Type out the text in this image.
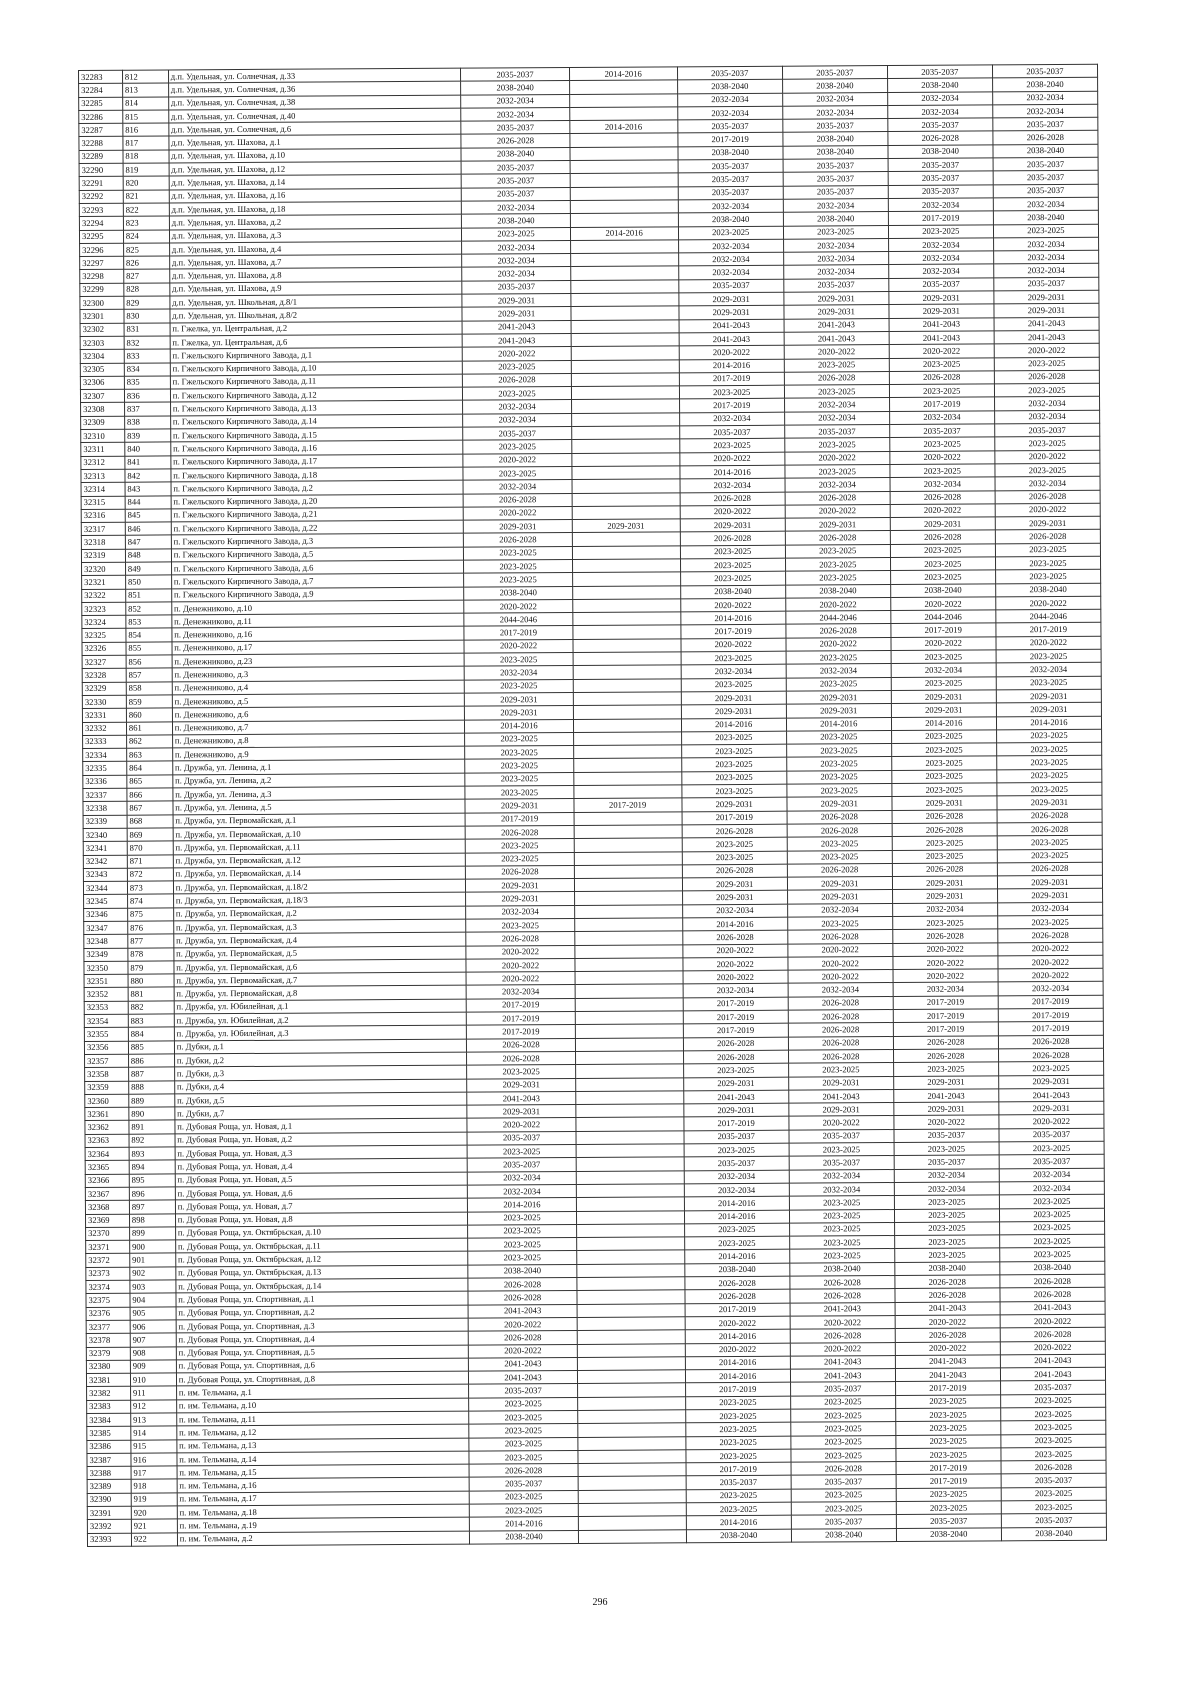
32283	812	д.п. Удельная, ул. Солнечная, д.33	2035-2037	2014-2016	2035-2037	2035-2037	2035-2037	2035-2037
32284	813	д.п. Удельная, ул. Солнечная, д.36	2038-2040		2038-2040	2038-2040	2038-2040	2038-2040
32285	814	д.п. Удельная, ул. Солнечная, д.38	2032-2034		2032-2034	2032-2034	2032-2034	2032-2034
32286	815	д.п. Удельная, ул. Солнечная, д.40	2032-2034		2032-2034	2032-2034	2032-2034	2032-2034
32287	816	д.п. Удельная, ул. Солнечная, д.6	2035-2037	2014-2016	2035-2037	2035-2037	2035-2037	2035-2037
32288	817	д.п. Удельная, ул. Шахова, д.1	2026-2028		2017-2019	2038-2040	2026-2028	2026-2028
32289	818	д.п. Удельная, ул. Шахова, д.10	2038-2040		2038-2040	2038-2040	2038-2040	2038-2040
32290	819	д.п. Удельная, ул. Шахова, д.12	2035-2037		2035-2037	2035-2037	2035-2037	2035-2037
32291	820	д.п. Удельная, ул. Шахова, д.14	2035-2037		2035-2037	2035-2037	2035-2037	2035-2037
32292	821	д.п. Удельная, ул. Шахова, д.16	2035-2037		2035-2037	2035-2037	2035-2037	2035-2037
32293	822	д.п. Удельная, ул. Шахова, д.18	2032-2034		2032-2034	2032-2034	2032-2034	2032-2034
32294	823	д.п. Удельная, ул. Шахова, д.2	2038-2040		2038-2040	2038-2040	2017-2019	2038-2040
32295	824	д.п. Удельная, ул. Шахова, д.3	2023-2025	2014-2016	2023-2025	2023-2025	2023-2025	2023-2025
32296	825	д.п. Удельная, ул. Шахова, д.4	2032-2034		2032-2034	2032-2034	2032-2034	2032-2034
32297	826	д.п. Удельная, ул. Шахова, д.7	2032-2034		2032-2034	2032-2034	2032-2034	2032-2034
32298	827	д.п. Удельная, ул. Шахова, д.8	2032-2034		2032-2034	2032-2034	2032-2034	2032-2034
32299	828	д.п. Удельная, ул. Шахова, д.9	2035-2037		2035-2037	2035-2037	2035-2037	2035-2037
32300	829	д.п. Удельная, ул. Школьная, д.8/1	2029-2031		2029-2031	2029-2031	2029-2031	2029-2031
32301	830	д.п. Удельная, ул. Школьная, д.8/2	2029-2031		2029-2031	2029-2031	2029-2031	2029-2031
32302	831	п. Гжелка, ул. Центральная, д.2	2041-2043		2041-2043	2041-2043	2041-2043	2041-2043
32303	832	п. Гжелка, ул. Центральная, д.6	2041-2043		2041-2043	2041-2043	2041-2043	2041-2043
32304	833	п. Гжельского Кирпичного Завода, д.1	2020-2022		2020-2022	2020-2022	2020-2022	2020-2022
32305	834	п. Гжельского Кирпичного Завода, д.10	2023-2025		2014-2016	2023-2025	2023-2025	2023-2025
32306	835	п. Гжельского Кирпичного Завода, д.11	2026-2028		2017-2019	2026-2028	2026-2028	2026-2028
32307	836	п. Гжельского Кирпичного Завода, д.12	2023-2025		2023-2025	2023-2025	2023-2025	2023-2025
32308	837	п. Гжельского Кирпичного Завода, д.13	2032-2034		2017-2019	2032-2034	2017-2019	2032-2034
32309	838	п. Гжельского Кирпичного Завода, д.14	2032-2034		2032-2034	2032-2034	2032-2034	2032-2034
32310	839	п. Гжельского Кирпичного Завода, д.15	2035-2037		2035-2037	2035-2037	2035-2037	2035-2037
32311	840	п. Гжельского Кирпичного Завода, д.16	2023-2025		2023-2025	2023-2025	2023-2025	2023-2025
32312	841	п. Гжельского Кирпичного Завода, д.17	2020-2022		2020-2022	2020-2022	2020-2022	2020-2022
32313	842	п. Гжельского Кирпичного Завода, д.18	2023-2025		2014-2016	2023-2025	2023-2025	2023-2025
32314	843	п. Гжельского Кирпичного Завода, д.2	2032-2034		2032-2034	2032-2034	2032-2034	2032-2034
32315	844	п. Гжельского Кирпичного Завода, д.20	2026-2028		2026-2028	2026-2028	2026-2028	2026-2028
32316	845	п. Гжельского Кирпичного Завода, д.21	2020-2022		2020-2022	2020-2022	2020-2022	2020-2022
32317	846	п. Гжельского Кирпичного Завода, д.22	2029-2031	2029-2031	2029-2031	2029-2031	2029-2031	2029-2031
32318	847	п. Гжельского Кирпичного Завода, д.3	2026-2028		2026-2028	2026-2028	2026-2028	2026-2028
32319	848	п. Гжельского Кирпичного Завода, д.5	2023-2025		2023-2025	2023-2025	2023-2025	2023-2025
32320	849	п. Гжельского Кирпичного Завода, д.6	2023-2025		2023-2025	2023-2025	2023-2025	2023-2025
32321	850	п. Гжельского Кирпичного Завода, д.7	2023-2025		2023-2025	2023-2025	2023-2025	2023-2025
32322	851	п. Гжельского Кирпичного Завода, д.9	2038-2040		2038-2040	2038-2040	2038-2040	2038-2040
32323	852	п. Денежниково, д.10	2020-2022		2020-2022	2020-2022	2020-2022	2020-2022
32324	853	п. Денежниково, д.11	2044-2046		2014-2016	2044-2046	2044-2046	2044-2046
32325	854	п. Денежниково, д.16	2017-2019		2017-2019	2026-2028	2017-2019	2017-2019
32326	855	п. Денежниково, д.17	2020-2022		2020-2022	2020-2022	2020-2022	2020-2022
32327	856	п. Денежниково, д.23	2023-2025		2023-2025	2023-2025	2023-2025	2023-2025
32328	857	п. Денежниково, д.3	2032-2034		2032-2034	2032-2034	2032-2034	2032-2034
32329	858	п. Денежниково, д.4	2023-2025		2023-2025	2023-2025	2023-2025	2023-2025
32330	859	п. Денежниково, д.5	2029-2031		2029-2031	2029-2031	2029-2031	2029-2031
32331	860	п. Денежниково, д.6	2029-2031		2029-2031	2029-2031	2029-2031	2029-2031
32332	861	п. Денежниково, д.7	2014-2016		2014-2016	2014-2016	2014-2016	2014-2016
32333	862	п. Денежниково, д.8	2023-2025		2023-2025	2023-2025	2023-2025	2023-2025
32334	863	п. Денежниково, д.9	2023-2025		2023-2025	2023-2025	2023-2025	2023-2025
32335	864	п. Дружба, ул. Ленина, д.1	2023-2025		2023-2025	2023-2025	2023-2025	2023-2025
32336	865	п. Дружба, ул. Ленина, д.2	2023-2025		2023-2025	2023-2025	2023-2025	2023-2025
32337	866	п. Дружба, ул. Ленина, д.3	2023-2025		2023-2025	2023-2025	2023-2025	2023-2025
32338	867	п. Дружба, ул. Ленина, д.5	2029-2031	2017-2019	2029-2031	2029-2031	2029-2031	2029-2031
32339	868	п. Дружба, ул. Первомайская, д.1	2017-2019		2017-2019	2026-2028	2026-2028	2026-2028
32340	869	п. Дружба, ул. Первомайская, д.10	2026-2028		2026-2028	2026-2028	2026-2028	2026-2028
32341	870	п. Дружба, ул. Первомайская, д.11	2023-2025		2023-2025	2023-2025	2023-2025	2023-2025
32342	871	п. Дружба, ул. Первомайская, д.12	2023-2025		2023-2025	2023-2025	2023-2025	2023-2025
32343	872	п. Дружба, ул. Первомайская, д.14	2026-2028		2026-2028	2026-2028	2026-2028	2026-2028
32344	873	п. Дружба, ул. Первомайская, д.18/2	2029-2031		2029-2031	2029-2031	2029-2031	2029-2031
32345	874	п. Дружба, ул. Первомайская, д.18/3	2029-2031		2029-2031	2029-2031	2029-2031	2029-2031
32346	875	п. Дружба, ул. Первомайская, д.2	2032-2034		2032-2034	2032-2034	2032-2034	2032-2034
32347	876	п. Дружба, ул. Первомайская, д.3	2023-2025		2014-2016	2023-2025	2023-2025	2023-2025
32348	877	п. Дружба, ул. Первомайская, д.4	2026-2028		2026-2028	2026-2028	2026-2028	2026-2028
32349	878	п. Дружба, ул. Первомайская, д.5	2020-2022		2020-2022	2020-2022	2020-2022	2020-2022
32350	879	п. Дружба, ул. Первомайская, д.6	2020-2022		2020-2022	2020-2022	2020-2022	2020-2022
32351	880	п. Дружба, ул. Первомайская, д.7	2020-2022		2020-2022	2020-2022	2020-2022	2020-2022
32352	881	п. Дружба, ул. Первомайская, д.8	2032-2034		2032-2034	2032-2034	2032-2034	2032-2034
32353	882	п. Дружба, ул. Юбилейная, д.1	2017-2019		2017-2019	2026-2028	2017-2019	2017-2019
32354	883	п. Дружба, ул. Юбилейная, д.2	2017-2019		2017-2019	2026-2028	2017-2019	2017-2019
32355	884	п. Дружба, ул. Юбилейная, д.3	2017-2019		2017-2019	2026-2028	2017-2019	2017-2019
32356	885	п. Дубки, д.1	2026-2028		2026-2028	2026-2028	2026-2028	2026-2028
32357	886	п. Дубки, д.2	2026-2028		2026-2028	2026-2028	2026-2028	2026-2028
32358	887	п. Дубки, д.3	2023-2025		2023-2025	2023-2025	2023-2025	2023-2025
32359	888	п. Дубки, д.4	2029-2031		2029-2031	2029-2031	2029-2031	2029-2031
32360	889	п. Дубки, д.5	2041-2043		2041-2043	2041-2043	2041-2043	2041-2043
32361	890	п. Дубки, д.7	2029-2031		2029-2031	2029-2031	2029-2031	2029-2031
32362	891	п. Дубовая Роща, ул. Новая, д.1	2020-2022		2017-2019	2020-2022	2020-2022	2020-2022
32363	892	п. Дубовая Роща, ул. Новая, д.2	2035-2037		2035-2037	2035-2037	2035-2037	2035-2037
32364	893	п. Дубовая Роща, ул. Новая, д.3	2023-2025		2023-2025	2023-2025	2023-2025	2023-2025
32365	894	п. Дубовая Роща, ул. Новая, д.4	2035-2037		2035-2037	2035-2037	2035-2037	2035-2037
32366	895	п. Дубовая Роща, ул. Новая, д.5	2032-2034		2032-2034	2032-2034	2032-2034	2032-2034
32367	896	п. Дубовая Роща, ул. Новая, д.6	2032-2034		2032-2034	2032-2034	2032-2034	2032-2034
32368	897	п. Дубовая Роща, ул. Новая, д.7	2014-2016		2014-2016	2023-2025	2023-2025	2023-2025
32369	898	п. Дубовая Роща, ул. Новая, д.8	2023-2025		2014-2016	2023-2025	2023-2025	2023-2025
32370	899	п. Дубовая Роща, ул. Октябрьская, д.10	2023-2025		2023-2025	2023-2025	2023-2025	2023-2025
32371	900	п. Дубовая Роща, ул. Октябрьская, д.11	2023-2025		2023-2025	2023-2025	2023-2025	2023-2025
32372	901	п. Дубовая Роща, ул. Октябрьская, д.12	2023-2025		2014-2016	2023-2025	2023-2025	2023-2025
32373	902	п. Дубовая Роща, ул. Октябрьская, д.13	2038-2040		2038-2040	2038-2040	2038-2040	2038-2040
32374	903	п. Дубовая Роща, ул. Октябрьская, д.14	2026-2028		2026-2028	2026-2028	2026-2028	2026-2028
32375	904	п. Дубовая Роща, ул. Спортивная, д.1	2026-2028		2026-2028	2026-2028	2026-2028	2026-2028
32376	905	п. Дубовая Роща, ул. Спортивная, д.2	2041-2043		2017-2019	2041-2043	2041-2043	2041-2043
32377	906	п. Дубовая Роща, ул. Спортивная, д.3	2020-2022		2020-2022	2020-2022	2020-2022	2020-2022
32378	907	п. Дубовая Роща, ул. Спортивная, д.4	2026-2028		2014-2016	2026-2028	2026-2028	2026-2028
32379	908	п. Дубовая Роща, ул. Спортивная, д.5	2020-2022		2020-2022	2020-2022	2020-2022	2020-2022
32380	909	п. Дубовая Роща, ул. Спортивная, д.6	2041-2043		2014-2016	2041-2043	2041-2043	2041-2043
32381	910	п. Дубовая Роща, ул. Спортивная, д.8	2041-2043		2014-2016	2041-2043	2041-2043	2041-2043
32382	911	п. им. Тельмана, д.1	2035-2037		2017-2019	2035-2037	2017-2019	2035-2037
32383	912	п. им. Тельмана, д.10	2023-2025		2023-2025	2023-2025	2023-2025	2023-2025
32384	913	п. им. Тельмана, д.11	2023-2025		2023-2025	2023-2025	2023-2025	2023-2025
32385	914	п. им. Тельмана, д.12	2023-2025		2023-2025	2023-2025	2023-2025	2023-2025
32386	915	п. им. Тельмана, д.13	2023-2025		2023-2025	2023-2025	2023-2025	2023-2025
32387	916	п. им. Тельмана, д.14	2023-2025		2023-2025	2023-2025	2023-2025	2023-2025
32388	917	п. им. Тельмана, д.15	2026-2028		2017-2019	2026-2028	2017-2019	2026-2028
32389	918	п. им. Тельмана, д.16	2035-2037		2035-2037	2035-2037	2017-2019	2035-2037
32390	919	п. им. Тельмана, д.17	2023-2025		2023-2025	2023-2025	2023-2025	2023-2025
32391	920	п. им. Тельмана, д.18	2023-2025		2023-2025	2023-2025	2023-2025	2023-2025
32392	921	п. им. Тельмана, д.19	2014-2016		2014-2016	2035-2037	2035-2037	2035-2037
32393	922	п. им. Тельмана, д.2	2038-2040		2038-2040	2038-2040	2038-2040	2038-2040
296
